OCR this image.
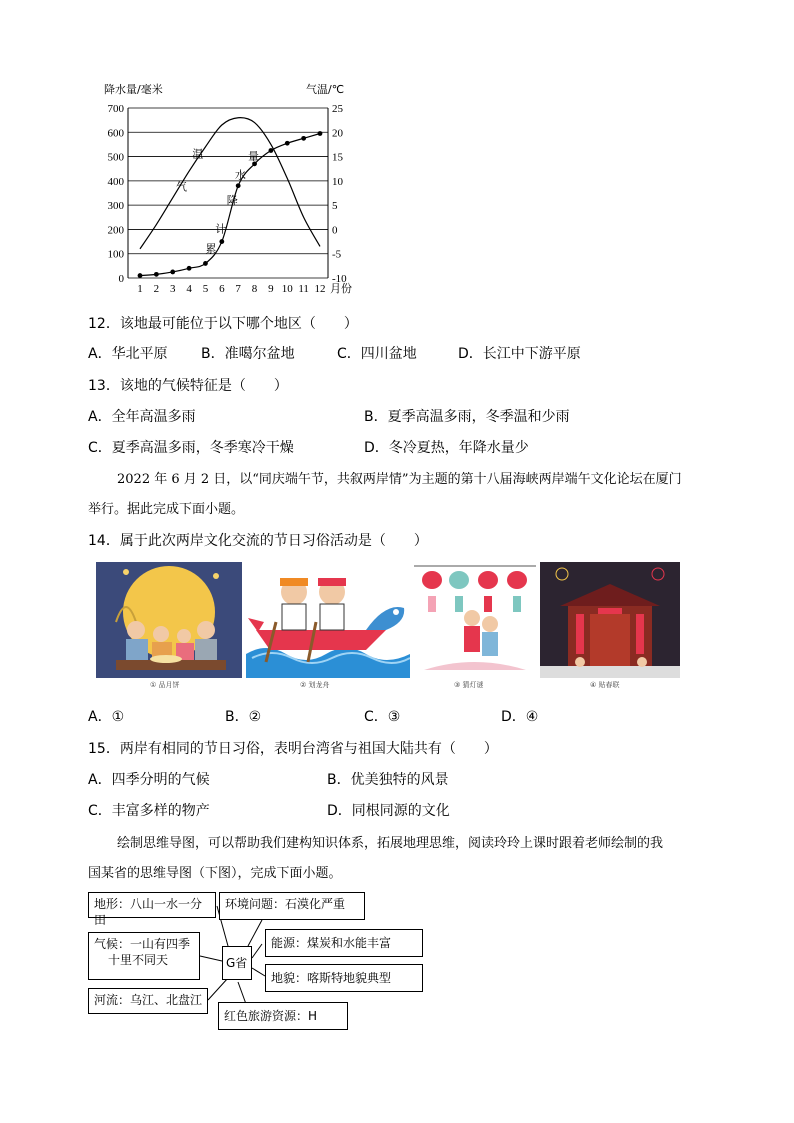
700
600
500
400
300
200
100
0
25
20
15
10
5
0
-5
-10
1 2 3 4 5 6 7 8 9 10 11 12 月份
降水量/毫米	气温/℃
气
温
累
计
降
水
量
12．该地最可能位于以下哪个地区（　　）
A．华北平原 B．准噶尔盆地	C．四川盆地	D．长江中下游平原
13．该地的气候特征是（　　）
A．全年高温多雨	B．夏季高温多雨，冬季温和少雨
C．夏季高温多雨，冬季寒冷干燥	D．冬冷夏热，年降水量少
2022 年 6 月 2 日，以“同庆端午节，共叙两岸情”为主题的第十八届海峡两岸端午文化论坛在厦门
举行。据此完成下面小题。
14．属于此次两岸文化交流的节日习俗活动是（　　）
① 品月饼	② 划龙舟	③ 猜灯谜	④ 贴春联
A．①	B．②	C．③	D．④
15．两岸有相同的节日习俗，表明台湾省与祖国大陆共有（　　）
A．四季分明的气候	B．优美独特的风景
C．丰富多样的物产	D．同根同源的文化
绘制思维导图，可以帮助我们建构知识体系，拓展地理思维，阅读玲玲上课时跟着老师绘制的我
国某省的思维导图（下图），完成下面小题。
地形：八山一水一分田
环境问题：石漠化严重
气候：一山有四季
十里不同天	G省
能源：煤炭和水能丰富
地貌：喀斯特地貌典型
河流：乌江、北盘江
红色旅游资源：H
